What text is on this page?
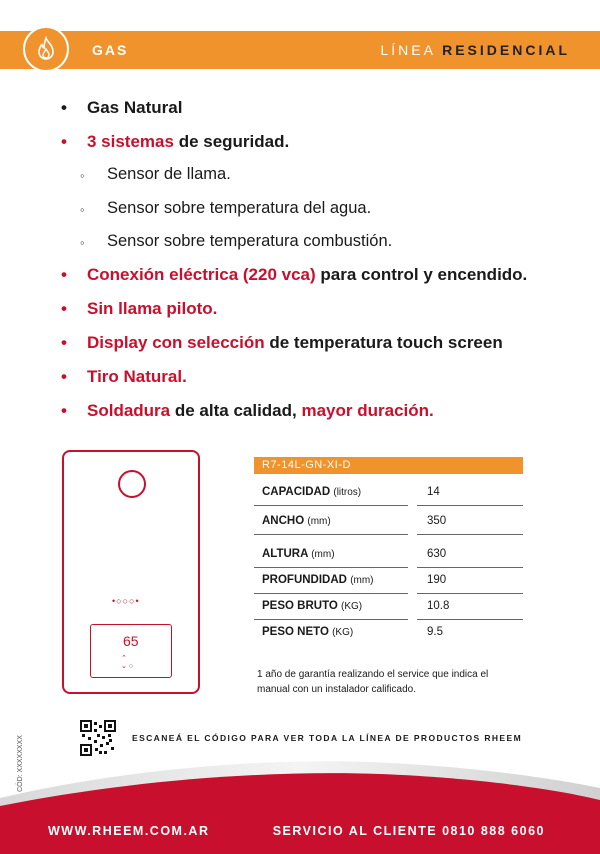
GAS	LÍNEA RESIDENCIAL
• Gas Natural
• 3 sistemas de seguridad.
◦ Sensor de llama.
◦ Sensor sobre temperatura del agua.
◦ Sensor sobre temperatura combustión.
• Conexión eléctrica (220 vca) para control y encendido.
• Sin llama piloto.
• Display con selección de temperatura touch screen
• Tiro Natural.
• Soldadura de alta calidad, mayor duración.
•○○○•
65
⌃
⌄ ○
R7-14L-GN-XI-D
CAPACIDAD (litros)	14
ANCHO (mm)	350
ALTURA (mm)	630
PROFUNDIDAD (mm)	190
PESO BRUTO (KG)	10.8
PESO NETO (KG)	9.5
1 año de garantía realizando el service que indica el manual con un instalador calificado.
ESCANEÁ EL CÓDIGO PARA VER TODA LA LÍNEA DE PRODUCTOS RHEEM
CÓD: XXXXXXXX
WWW.RHEEM.COM.AR	SERVICIO AL CLIENTE 0810 888 6060
